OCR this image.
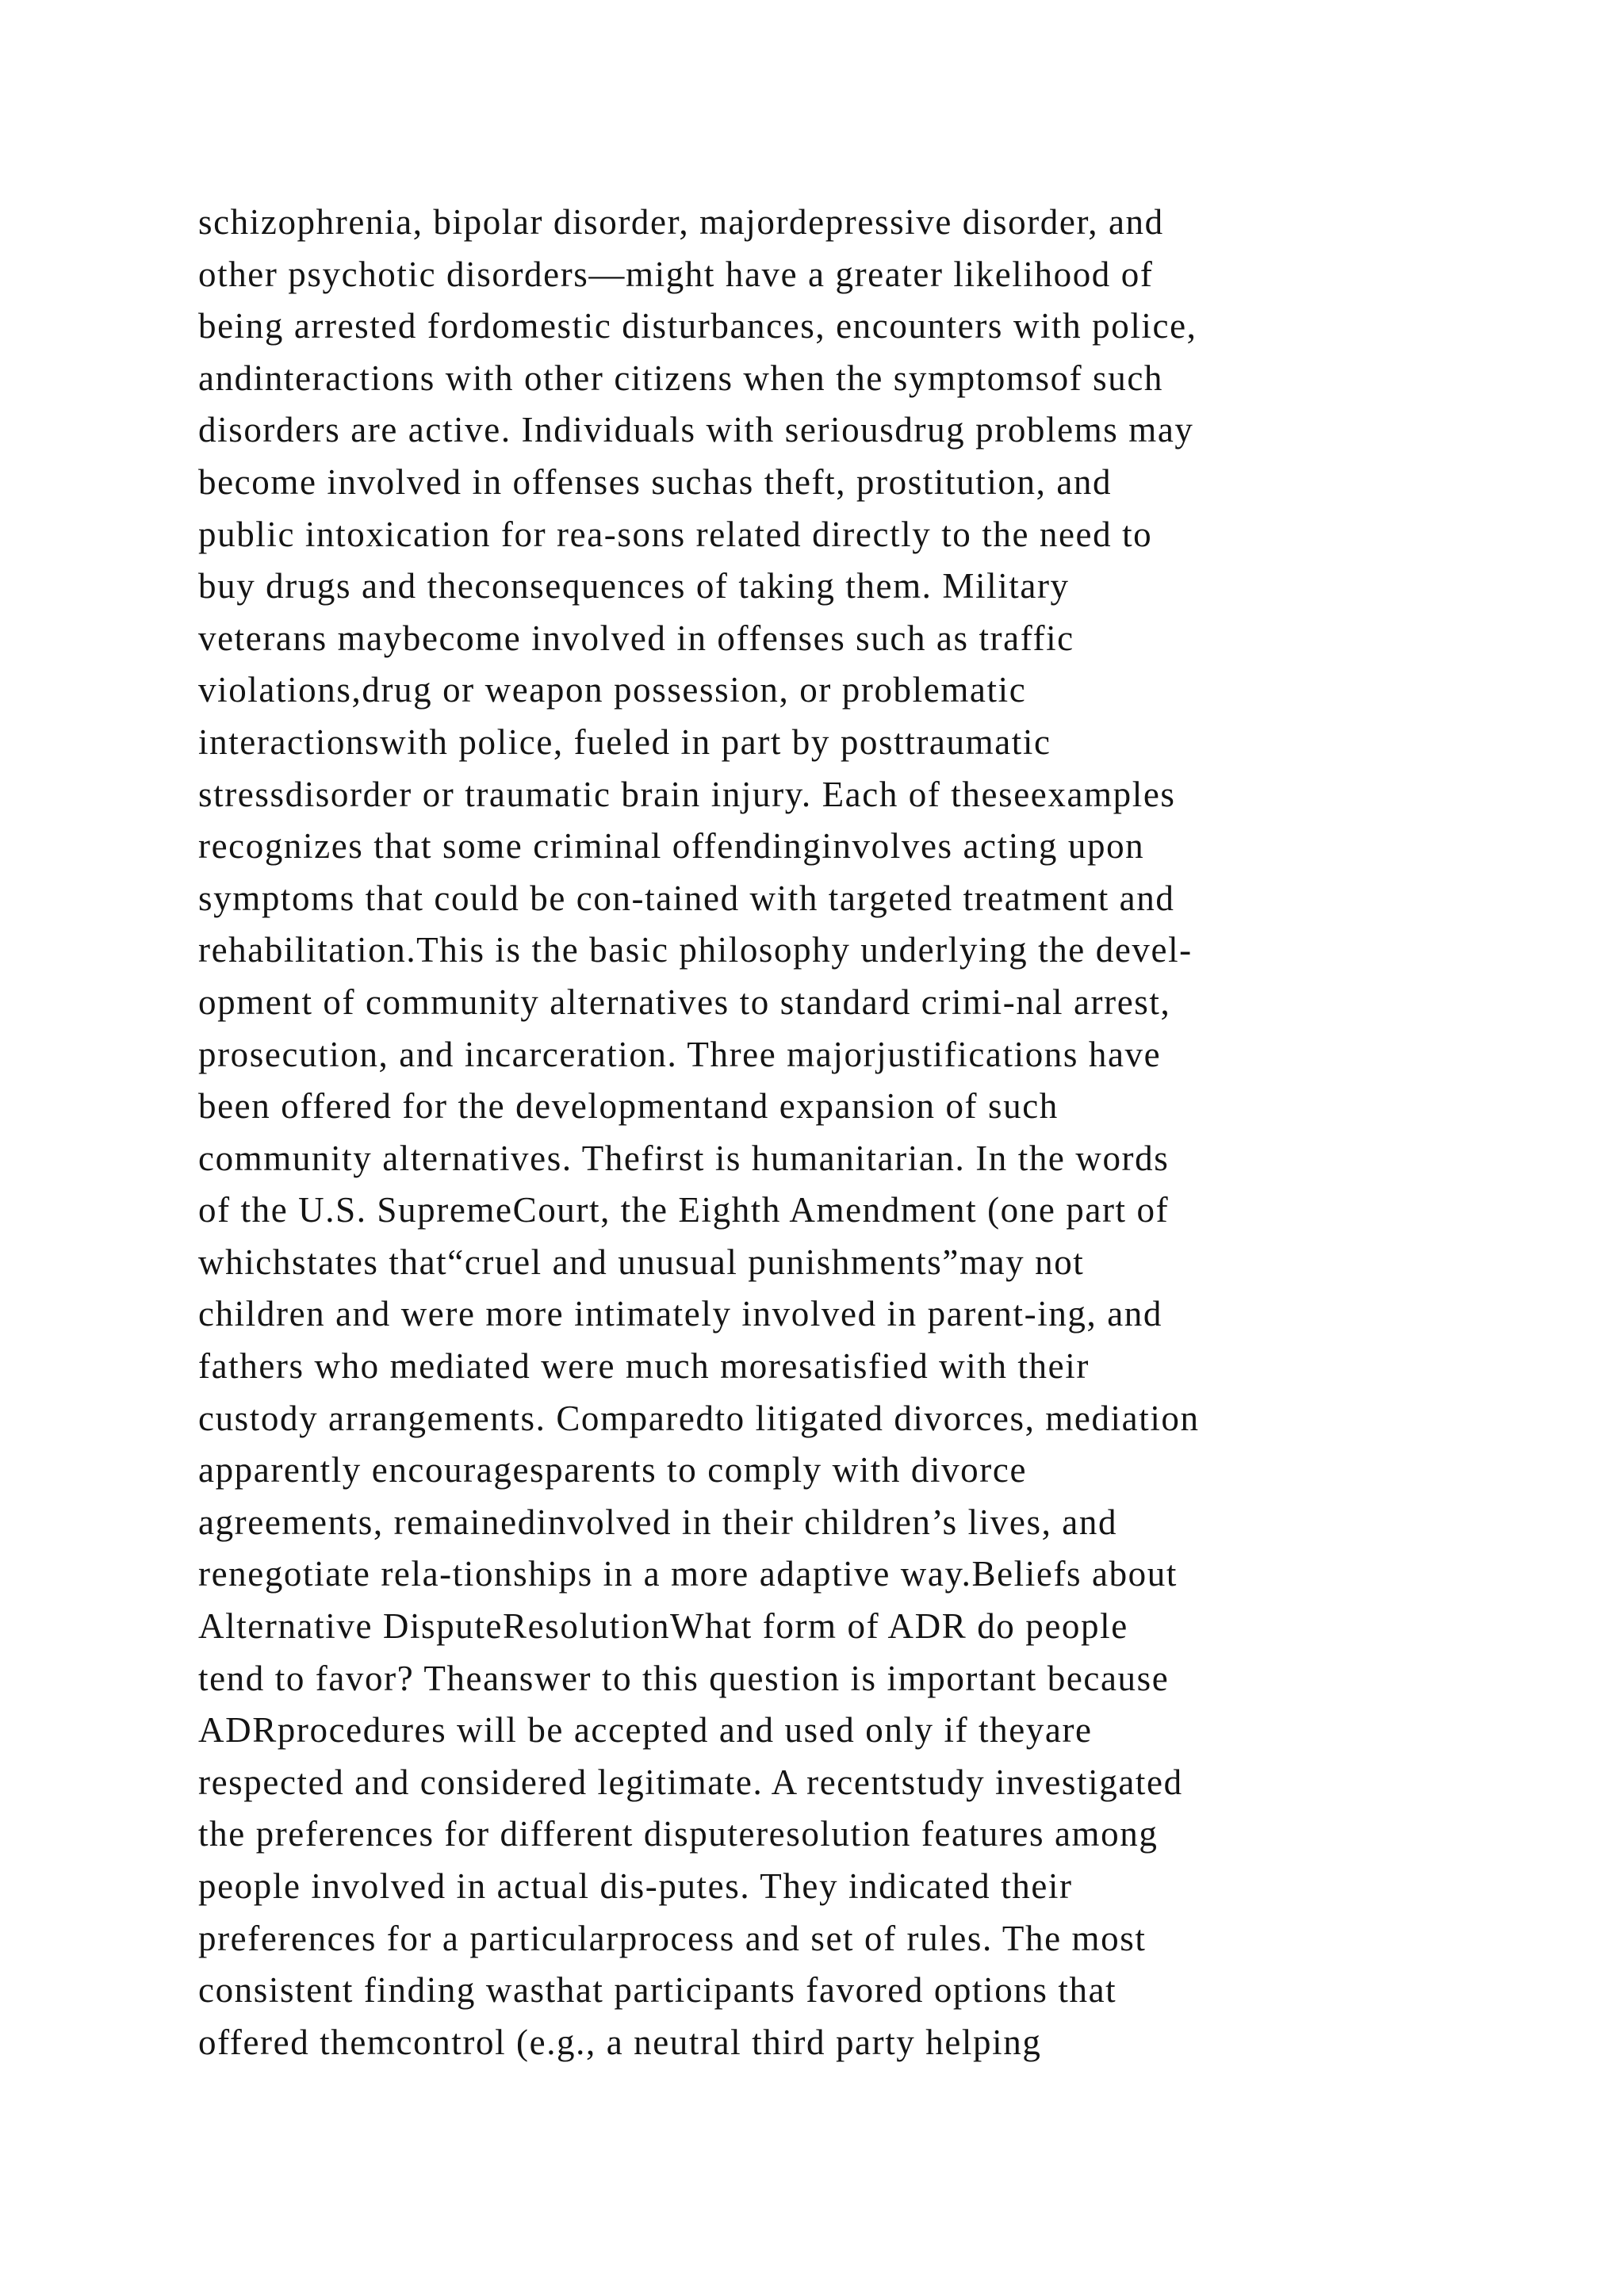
schizophrenia, bipolar disorder, majordepressive disorder, and
other psychotic disorders—might have a greater likelihood of
being arrested fordomestic disturbances, encounters with police,
andinteractions with other citizens when the symptomsof such
disorders are active. Individuals with seriousdrug problems may
become involved in offenses suchas theft, prostitution, and
public intoxication for rea-sons related directly to the need to
buy drugs and theconsequences of taking them. Military
veterans maybecome involved in offenses such as traffic
violations,drug or weapon possession, or problematic
interactionswith police, fueled in part by posttraumatic
stressdisorder or traumatic brain injury. Each of theseexamples
recognizes that some criminal offendinginvolves acting upon
symptoms that could be con-tained with targeted treatment and
rehabilitation.This is the basic philosophy underlying the devel-
opment of community alternatives to standard crimi-nal arrest,
prosecution, and incarceration. Three majorjustifications have
been offered for the developmentand expansion of such
community alternatives. Thefirst is humanitarian. In the words
of the U.S. SupremeCourt, the Eighth Amendment (one part of
whichstates that“cruel and unusual punishments”may not
children and were more intimately involved in parent-ing, and
fathers who mediated were much moresatisfied with their
custody arrangements. Comparedto litigated divorces, mediation
apparently encouragesparents to comply with divorce
agreements, remainedinvolved in their children’s lives, and
renegotiate rela-tionships in a more adaptive way.Beliefs about
Alternative DisputeResolutionWhat form of ADR do people
tend to favor? Theanswer to this question is important because
ADRprocedures will be accepted and used only if theyare
respected and considered legitimate. A recentstudy investigated
the preferences for different disputeresolution features among
people involved in actual dis-putes. They indicated their
preferences for a particularprocess and set of rules. The most
consistent finding wasthat participants favored options that
offered themcontrol (e.g., a neutral third party helping
